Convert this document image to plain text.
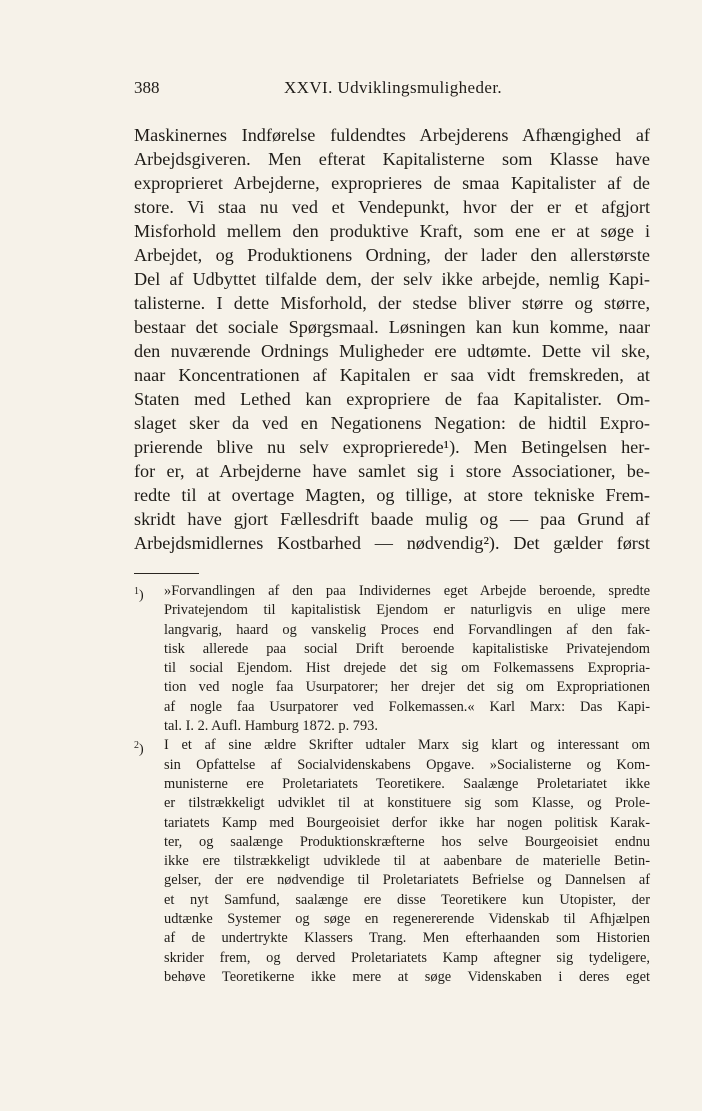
388	XXVI. Udviklingsmuligheder.
Maskinernes Indførelse fuldendtes Arbejderens Afhængighed af
Arbejdsgiveren. Men efterat Kapitalisterne som Klasse have
exproprieret Arbejderne, exproprieres de smaa Kapitalister af de
store. Vi staa nu ved et Vendepunkt, hvor der er et afgjort
Misforhold mellem den produktive Kraft, som ene er at søge i
Arbejdet, og Produktionens Ordning, der lader den allerstørste
Del af Udbyttet tilfalde dem, der selv ikke arbejde, nemlig Kapi-
talisterne. I dette Misforhold, der stedse bliver større og større,
bestaar det sociale Spørgsmaal. Løsningen kan kun komme, naar
den nuværende Ordnings Muligheder ere udtømte. Dette vil ske,
naar Koncentrationen af Kapitalen er saa vidt fremskreden, at
Staten med Lethed kan expropriere de faa Kapitalister. Om-
slaget sker da ved en Negationens Negation: de hidtil Expro-
prierende blive nu selv exproprierede¹). Men Betingelsen her-
for er, at Arbejderne have samlet sig i store Associationer, be-
redte til at overtage Magten, og tillige, at store tekniske Frem-
skridt have gjort Fællesdrift baade mulig og — paa Grund af
Arbejdsmidlernes Kostbarhed — nødvendig²). Det gælder først
$^1$) »Forvandlingen af den paa Individernes eget Arbejde beroende, spredte
Privatejendom til kapitalistisk Ejendom er naturligvis en ulige mere
langvarig, haard og vanskelig Proces end Forvandlingen af den fak-
tisk allerede paa social Drift beroende kapitalistiske Privatejendom
til social Ejendom. Hist drejede det sig om Folkemassens Expropria-
tion ved nogle faa Usurpatorer; her drejer det sig om Expropriationen
af nogle faa Usurpatorer ved Folkemassen.« Karl Marx: Das Kapi-
tal. I. 2. Aufl. Hamburg 1872. p. 793.
$^2$) I et af sine ældre Skrifter udtaler Marx sig klart og interessant om
sin Opfattelse af Socialvidenskabens Opgave. »Socialisterne og Kom-
munisterne ere Proletariatets Teoretikere. Saalænge Proletariatet ikke
er tilstrækkeligt udviklet til at konstituere sig som Klasse, og Prole-
tariatets Kamp med Bourgeoisiet derfor ikke har nogen politisk Karak-
ter, og saalænge Produktionskræfterne hos selve Bourgeoisiet endnu
ikke ere tilstrækkeligt udviklede til at aabenbare de materielle Betin-
gelser, der ere nødvendige til Proletariatets Befrielse og Dannelsen af
et nyt Samfund, saalænge ere disse Teoretikere kun Utopister, der
udtænke Systemer og søge en regenererende Videnskab til Afhjælpen
af de undertrykte Klassers Trang. Men efterhaanden som Historien
skrider frem, og derved Proletariatets Kamp aftegner sig tydeligere,
behøve Teoretikerne ikke mere at søge Videnskaben i deres eget
